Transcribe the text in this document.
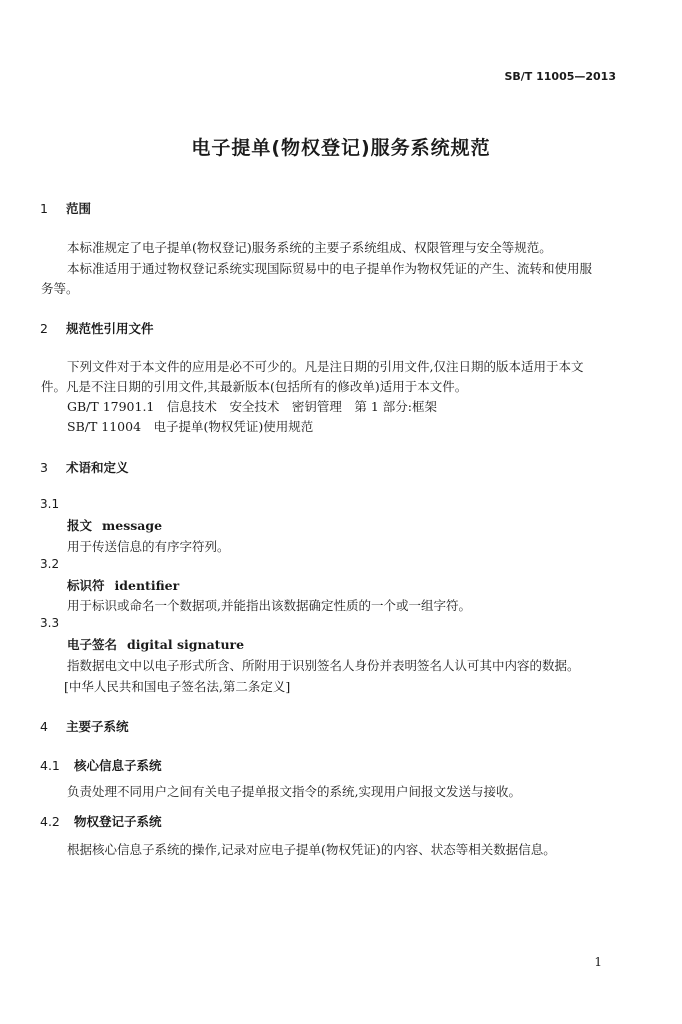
SB/T 11005—2013
电子提单(物权登记)服务系统规范
1 范围
本标准规定了电子提单(物权登记)服务系统的主要子系统组成、权限管理与安全等规范。
本标准适用于通过物权登记系统实现国际贸易中的电子提单作为物权凭证的产生、流转和使用服
务等。
2 规范性引用文件
下列文件对于本文件的应用是必不可少的。凡是注日期的引用文件,仅注日期的版本适用于本文
件。凡是不注日期的引用文件,其最新版本(包括所有的修改单)适用于本文件。
GB/T 17901.1　信息技术　安全技术　密钥管理　第 1 部分:框架
SB/T 11004　电子提单(物权凭证)使用规范
3 术语和定义
3.1
报文 message
用于传送信息的有序字符列。
3.2
标识符 identifier
用于标识或命名一个数据项,并能指出该数据确定性质的一个或一组字符。
3.3
电子签名 digital signature
指数据电文中以电子形式所含、所附用于识别签名人身份并表明签名人认可其中内容的数据。
[中华人民共和国电子签名法,第二条定义]
4 主要子系统
4.1 核心信息子系统
负责处理不同用户之间有关电子提单报文指令的系统,实现用户间报文发送与接收。
4.2 物权登记子系统
根据核心信息子系统的操作,记录对应电子提单(物权凭证)的内容、状态等相关数据信息。
1
